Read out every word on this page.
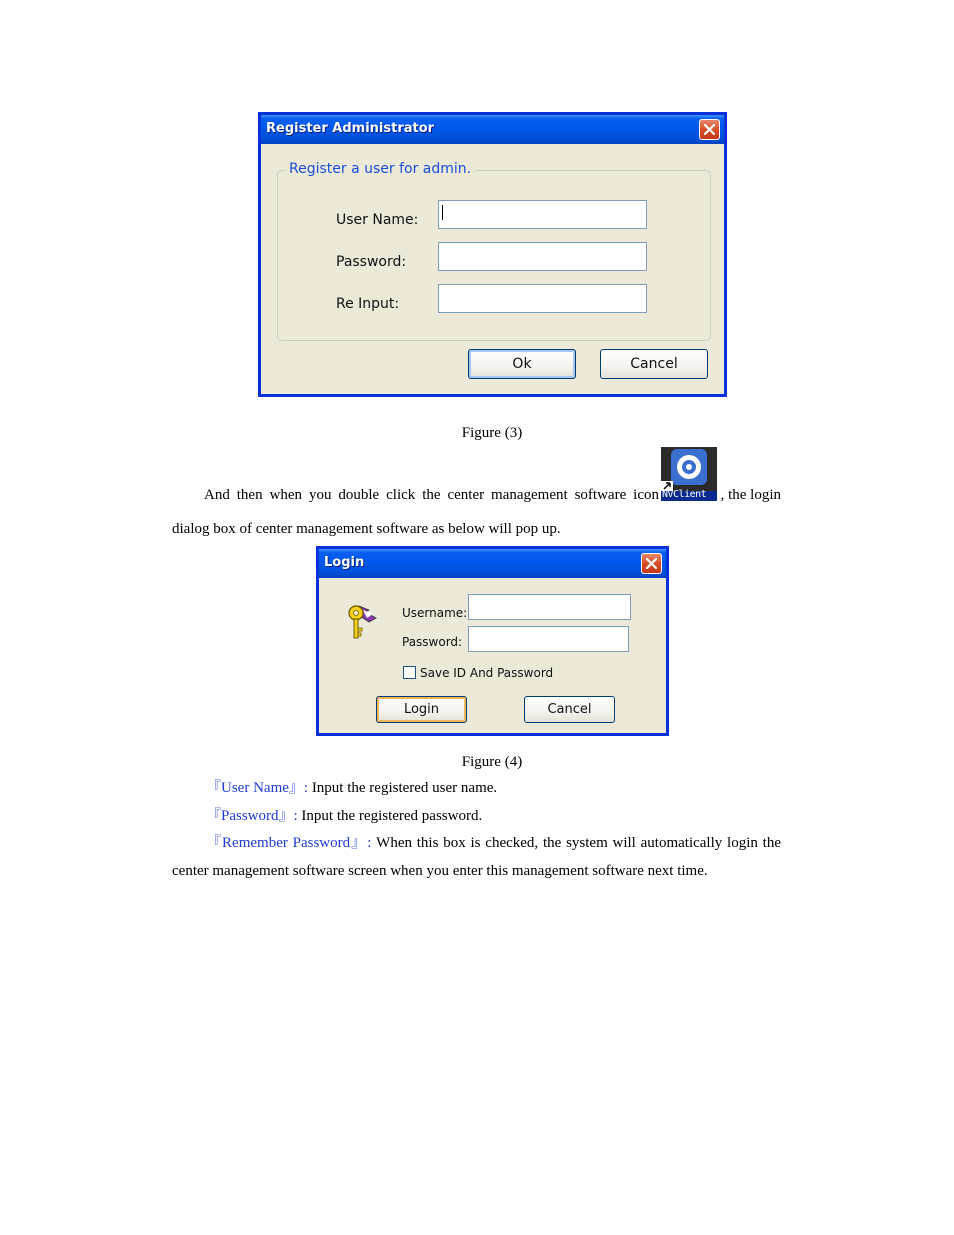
Register Administrator
Register a user for admin.
User Name:
Password:
Re Input:
Ok	Cancel
Figure (3)
And then when you double click the center management software icon NVClient , the login
dialog box of center management software as below will pop up.
Login
Username:
Password:
Save ID And Password
Login	Cancel
Figure (4)
『User Name』: Input the registered user name.
『Password』: Input the registered password.
『Remember Password』: When this box is checked, the system will automatically login the
center management software screen when you enter this management software next time.
